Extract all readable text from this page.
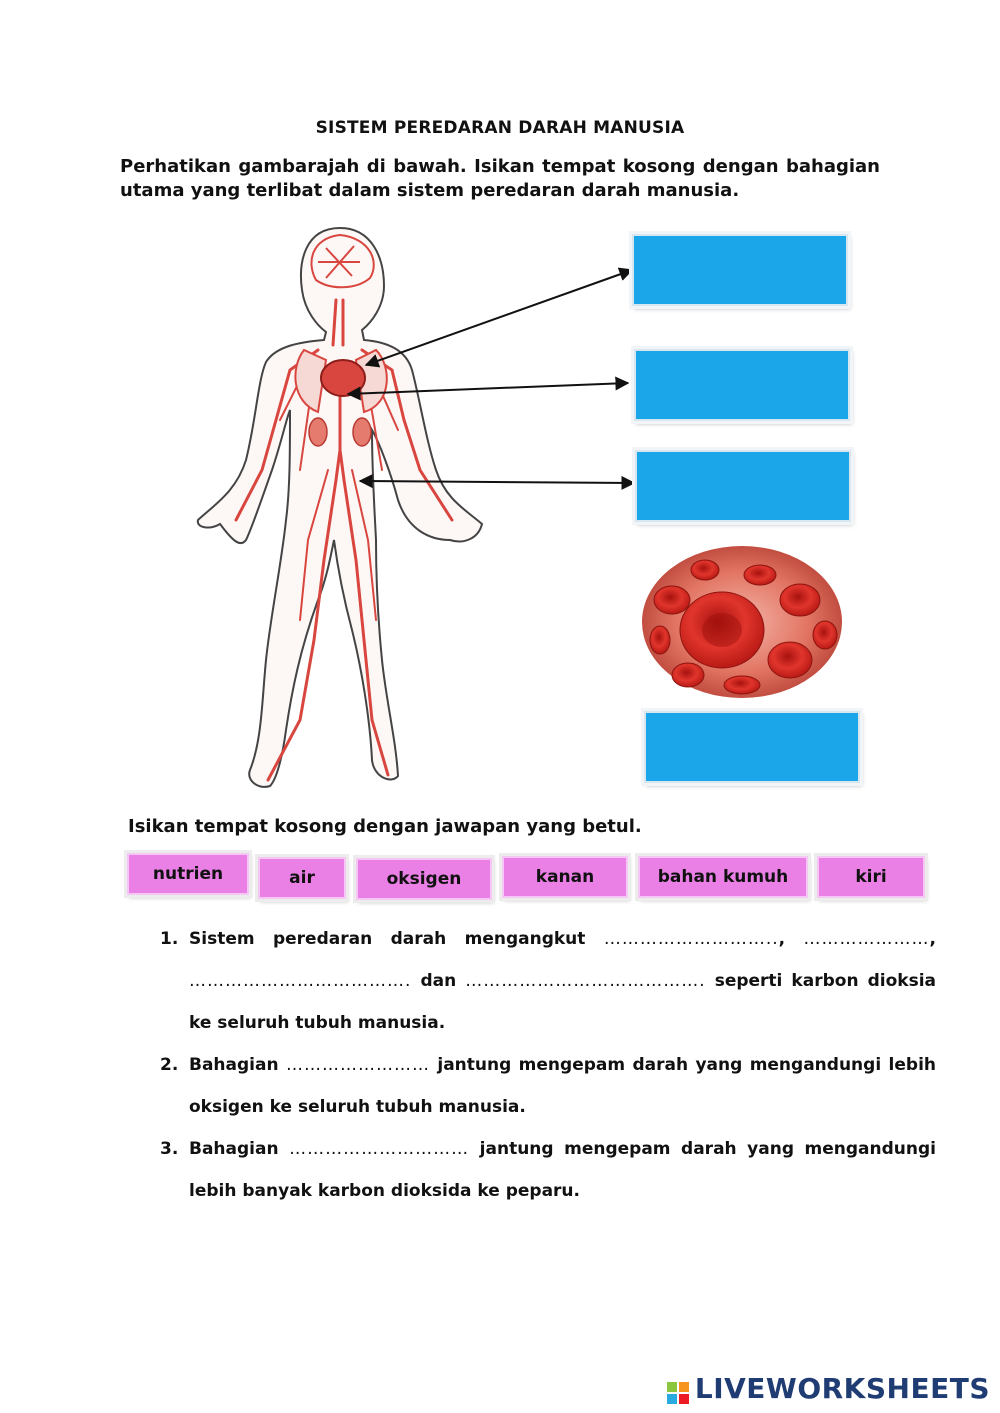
SISTEM PEREDARAN DARAH MANUSIA
Perhatikan gambarajah di bawah. Isikan tempat kosong dengan bahagian utama yang terlibat dalam sistem peredaran darah manusia.
Isikan tempat kosong dengan jawapan yang betul.
nutrien	air	oksigen	kanan	bahan kumuh	kiri
1. Sistem peredaran darah mengangkut ……………………….., …………………, ………………………………. dan …………………………………. seperti karbon dioksia ke seluruh tubuh manusia.
2. Bahagian …………………… jantung mengepam darah yang mengandungi lebih oksigen ke seluruh tubuh manusia.
3. Bahagian ………………………… jantung mengepam darah yang mengandungi lebih banyak karbon dioksida ke peparu.
LIVEWORKSHEETS
